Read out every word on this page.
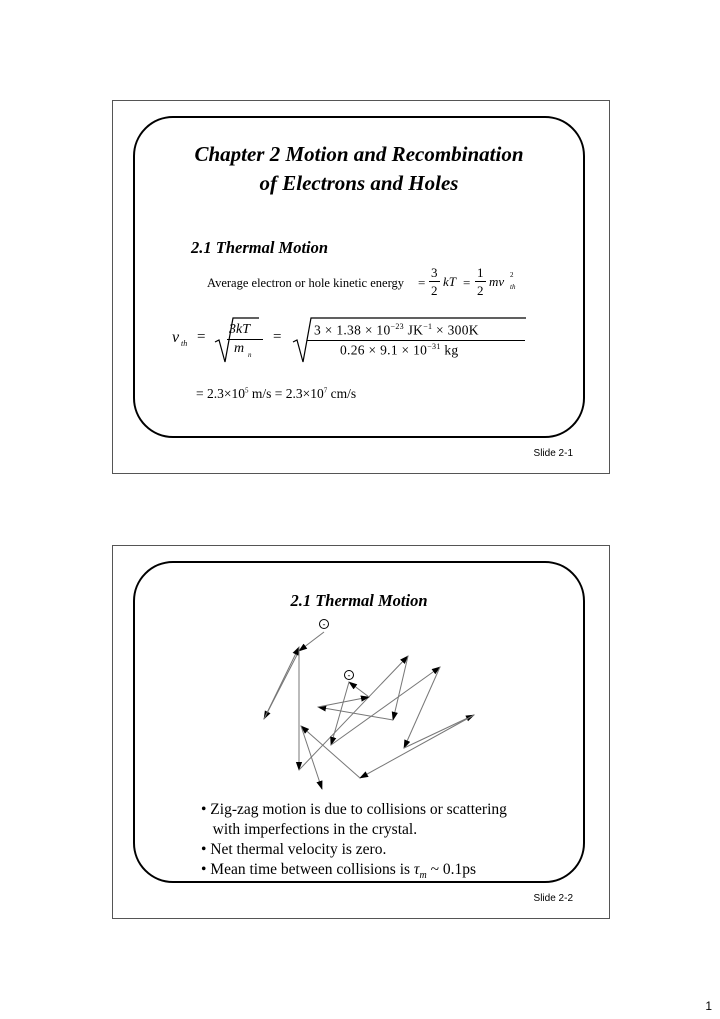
Chapter 2 Motion and Recombination
of Electrons and Holes
2.1 Thermal Motion
Average electron or hole kinetic energy =
3
2
kT =
1
2
mv 2
th
v th = 3kT
m n
= $3 \times 1.38 \times 10^{-23}$ $JK^{-1} \times 300K$
$0.26 \times 9.1 \times 10^{-31}$ kg
= $2.3\times 10^5$ $m/s = 2.3\times 10^7$ cm/s
Slide 2-1
2.1 Thermal Motion
-
-
• Zig-zag motion is due to collisions or scattering
with imperfections in the crystal.
• Net thermal velocity is zero.
• Mean time between collisions is $\tau_m$ ~ 0.1ps
Slide 2-2
1
